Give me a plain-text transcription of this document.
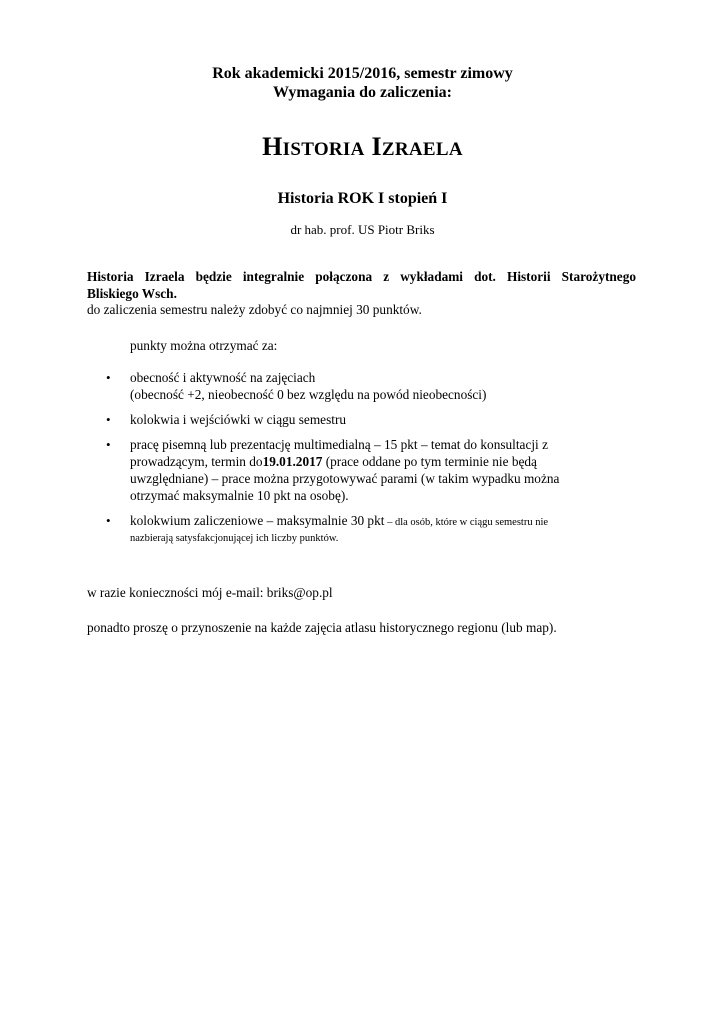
Rok akademicki 2015/2016, semestr zimowy
Wymagania do zaliczenia:
HISTORIA IZRAELA
Historia ROK I stopień I
dr hab. prof. US Piotr Briks
Historia Izraela będzie integralnie połączona z wykładami dot. Historii Starożytnego
Bliskiego Wsch.
do zaliczenia semestru należy zdobyć co najmniej 30 punktów.
punkty można otrzymać za:
• obecność i aktywność na zajęciach
(obecność +2, nieobecność 0 bez względu na powód nieobecności)
• kolokwia i wejściówki w ciągu semestru
• pracę pisemną lub prezentację multimedialną – 15 pkt – temat do konsultacji z
prowadzącym, termin do19.01.2017 (prace oddane po tym terminie nie będą
uwzględniane) – prace można przygotowywać parami (w takim wypadku można
otrzymać maksymalnie 10 pkt na osobę).
• kolokwium zaliczeniowe – maksymalnie 30 pkt – dla osób, które w ciągu semestru nie
nazbierają satysfakcjonującej ich liczby punktów.
w razie konieczności mój e-mail: briks@op.pl
ponadto proszę o przynoszenie na każde zajęcia atlasu historycznego regionu (lub map).
